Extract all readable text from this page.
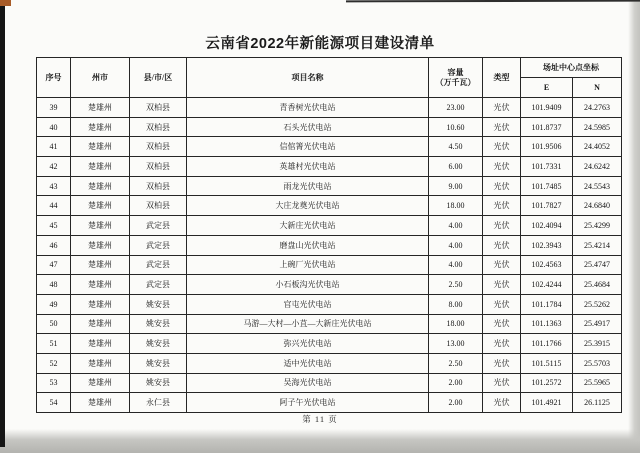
云南省2022年新能源项目建设清单
序号	州市	县/市/区	项目名称	容量
（万千瓦）	类型	场址中心点坐标	
						E	N
39	楚雄州	双柏县	青香树光伏电站	23.00	光伏	101.9409	24.2763
40	楚雄州	双柏县	石头光伏电站	10.60	光伏	101.8737	24.5985
41	楚雄州	双柏县	信倌箐光伏电站	4.50	光伏	101.9506	24.4052
42	楚雄州	双柏县	英雄村光伏电站	6.00	光伏	101.7331	24.6242
43	楚雄州	双柏县	雨龙光伏电站	9.00	光伏	101.7485	24.5543
44	楚雄州	双柏县	大庄龙奠光伏电站	18.00	光伏	101.7827	24.6840
45	楚雄州	武定县	大新庄光伏电站	4.00	光伏	102.4094	25.4299
46	楚雄州	武定县	磨盘山光伏电站	4.00	光伏	102.3943	25.4214
47	楚雄州	武定县	上碗厂光伏电站	4.00	光伏	102.4563	25.4747
48	楚雄州	武定县	小石板沟光伏电站	2.50	光伏	102.4244	25.4684
49	楚雄州	姚安县	官屯光伏电站	8.00	光伏	101.1784	25.5262
50	楚雄州	姚安县	马游—大村—小苴—大新庄光伏电站	18.00	光伏	101.1363	25.4917
51	楚雄州	姚安县	弥兴光伏电站	13.00	光伏	101.1766	25.3915
52	楚雄州	姚安县	适中光伏电站	2.50	光伏	101.5115	25.5703
53	楚雄州	姚安县	吴海光伏电站	2.00	光伏	101.2572	25.5965
54	楚雄州	永仁县	阿子午光伏电站	2.00	光伏	101.4921	26.1125
第 11 页
